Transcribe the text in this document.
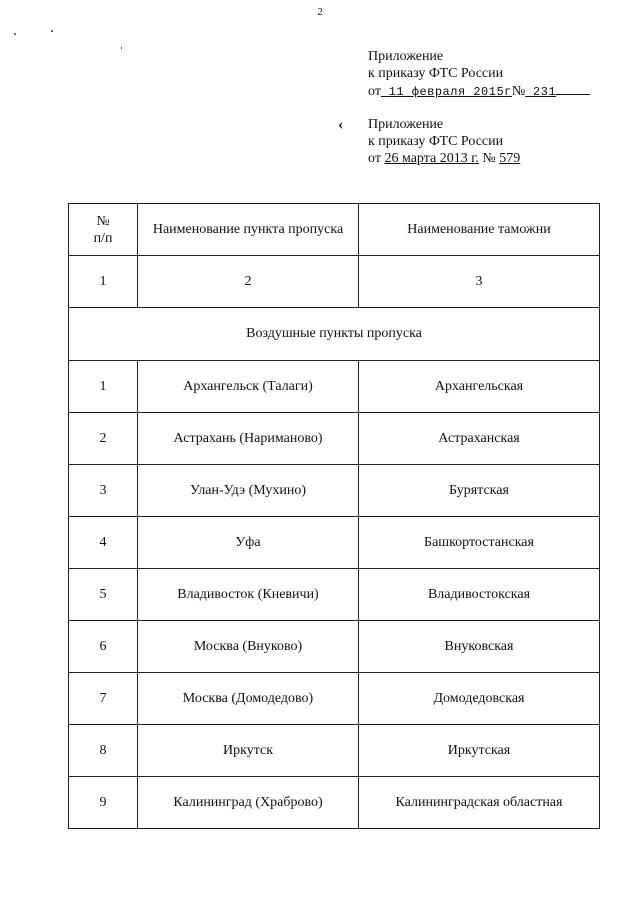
2
Приложение
к приказу ФТС России
от 11 февраля 2015г№ 231
‹ Приложение
к приказу ФТС России
от 26 марта 2013 г. № 579
№
п/п	Наименование пункта пропуска	Наименование таможни
1	2	3
Воздушные пункты пропуска		
1	Архангельск (Талаги)	Архангельская
2	Астрахань (Нариманово)	Астраханская
3	Улан-Удэ (Мухино)	Бурятская
4	Уфа	Башкортостанская
5	Владивосток (Кневичи)	Владивостокская
6	Москва (Внуково)	Внуковская
7	Москва (Домодедово)	Домодедовская
8	Иркутск	Иркутская
9	Калининград (Храброво)	Калининградская областная
